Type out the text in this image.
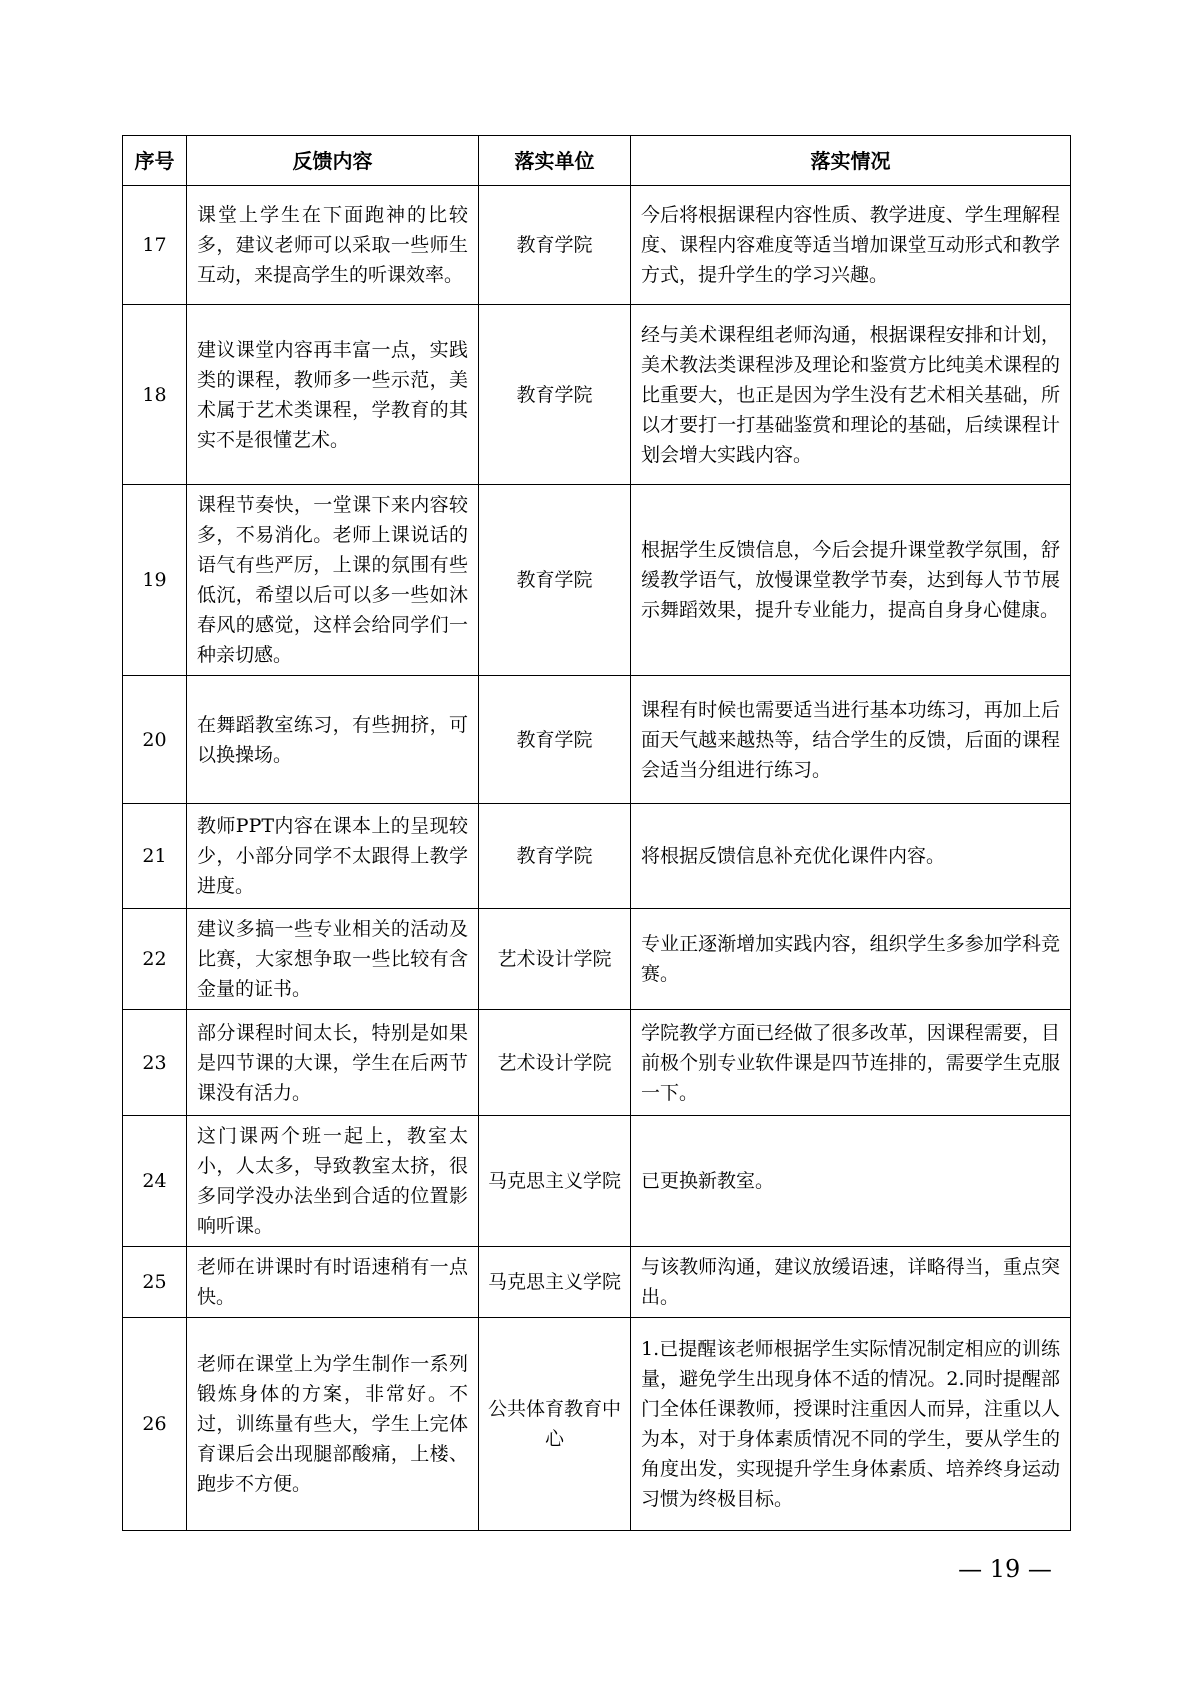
序号	反馈内容	落实单位	落实情况
17	课堂上学生在下面跑神的比较多，建议老师可以采取一些师生互动，来提高学生的听课效率。	教育学院	今后将根据课程内容性质、教学进度、学生理解程度、课程内容难度等适当增加课堂互动形式和教学方式，提升学生的学习兴趣。
18	建议课堂内容再丰富一点，实践类的课程，教师多一些示范，美术属于艺术类课程，学教育的其实不是很懂艺术。	教育学院	经与美术课程组老师沟通，根据课程安排和计划，美术教法类课程涉及理论和鉴赏方比纯美术课程的比重要大，也正是因为学生没有艺术相关基础，所以才要打一打基础鉴赏和理论的基础，后续课程计划会增大实践内容。
19	课程节奏快，一堂课下来内容较多，不易消化。老师上课说话的语气有些严厉，上课的氛围有些低沉，希望以后可以多一些如沐春风的感觉，这样会给同学们一种亲切感。	教育学院	根据学生反馈信息，今后会提升课堂教学氛围，舒缓教学语气，放慢课堂教学节奏，达到每人节节展示舞蹈效果，提升专业能力，提高自身身心健康。
20	在舞蹈教室练习，有些拥挤，可以换操场。	教育学院	课程有时候也需要适当进行基本功练习，再加上后面天气越来越热等，结合学生的反馈，后面的课程会适当分组进行练习。
21	教师PPT内容在课本上的呈现较少，小部分同学不太跟得上教学进度。	教育学院	将根据反馈信息补充优化课件内容。
22	建议多搞一些专业相关的活动及比赛，大家想争取一些比较有含金量的证书。	艺术设计学院	专业正逐渐增加实践内容，组织学生多参加学科竞赛。
23	部分课程时间太长，特别是如果是四节课的大课，学生在后两节课没有活力。	艺术设计学院	学院教学方面已经做了很多改革，因课程需要，目前极个别专业软件课是四节连排的，需要学生克服一下。
24	这门课两个班一起上，教室太小，人太多，导致教室太挤，很多同学没办法坐到合适的位置影响听课。	马克思主义学院	已更换新教室。
25	老师在讲课时有时语速稍有一点快。	马克思主义学院	与该教师沟通，建议放缓语速，详略得当，重点突出。
26	老师在课堂上为学生制作一系列锻炼身体的方案，非常好。不过，训练量有些大，学生上完体育课后会出现腿部酸痛，上楼、跑步不方便。	公共体育教育中心	1.已提醒该老师根据学生实际情况制定相应的训练量，避免学生出现身体不适的情况。2.同时提醒部门全体任课教师，授课时注重因人而异，注重以人为本，对于身体素质情况不同的学生，要从学生的角度出发，实现提升学生身体素质、培养终身运动习惯为终极目标。
— 19 —
